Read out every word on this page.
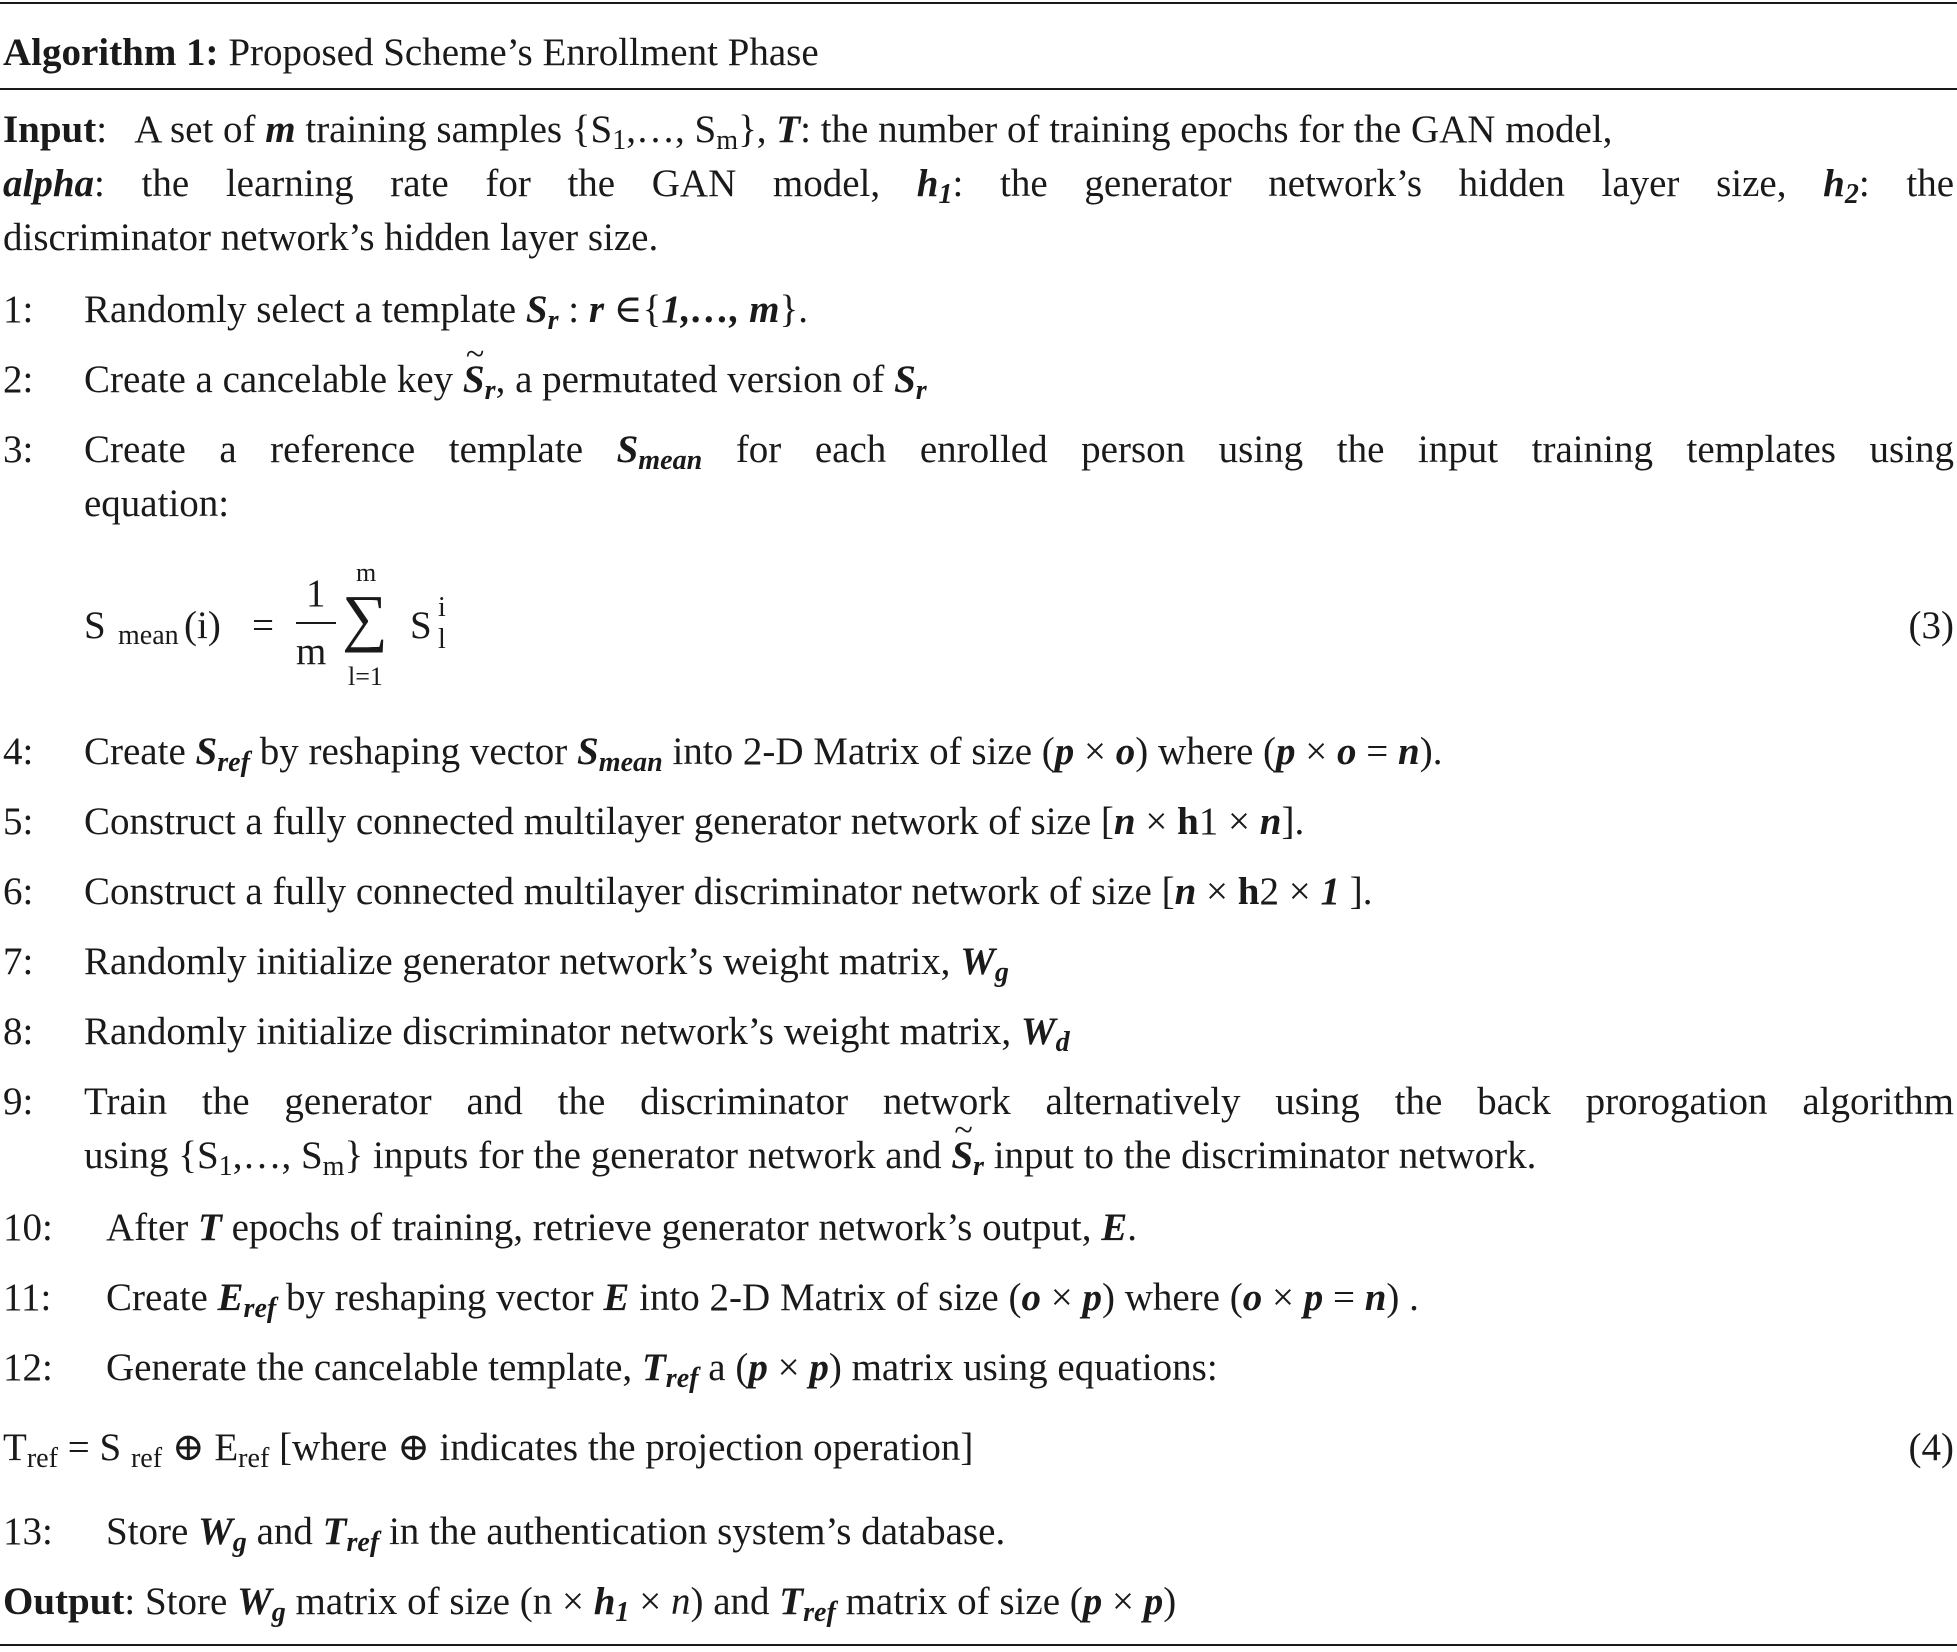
Algorithm 1: Proposed Scheme’s Enrollment Phase
Input: A set of m training samples {$S_1,\dots$, $S_m$}, T: the number of training epochs for the GAN model,
alpha: the learning rate for the GAN model, $h_1$: the generator network’s hidden layer size, $h_2$: the
discriminator network’s hidden layer size.
1: Randomly select a template $S_r$ : r ∈{1,…, m}.
2: Create a cancelable key ~ $S_r$, a permutated version of $S_r$
3: Create a reference template $S_{mean}$ for each enrolled person using the input training templates using
equation:
S mean (i) =
1
m
m
∑
l=1
S i
l	(3)
4: Create $S_{ref}$ by reshaping vector $S_{mean}$ into 2-D Matrix of size (p × o) where (p × o = n).
5: Construct a fully connected multilayer generator network of size [n × h1 × n].
6: Construct a fully connected multilayer discriminator network of size [n × h2 × 1 ].
7: Randomly initialize generator network’s weight matrix, $W_g$
8: Randomly initialize discriminator network’s weight matrix, $W_d$
9: Train the generator and the discriminator network alternatively using the back prorogation algorithm
using {$S_1,\dots$, $S_m$} inputs for the generator network and ~ $S_r$ input to the discriminator network.
10: After T epochs of training, retrieve generator network’s output, E.
11: Create $E_{ref}$ by reshaping vector E into 2-D Matrix of size (o × p) where (o × p = n) .
12: Generate the cancelable template, $T_{ref}$ a (p × p) matrix using equations:
$T_{ref} = S$ $_{ref}$ ⊕ $E_{ref}$ [where ⊕ indicates the projection operation]	(4)
13: Store $W_g$ and $T_{ref}$ in the authentication system’s database.
Output: Store $W_g$ matrix of size $(n \times h_1 \times n)$ and $T_{ref}$ matrix of size (p × p)
